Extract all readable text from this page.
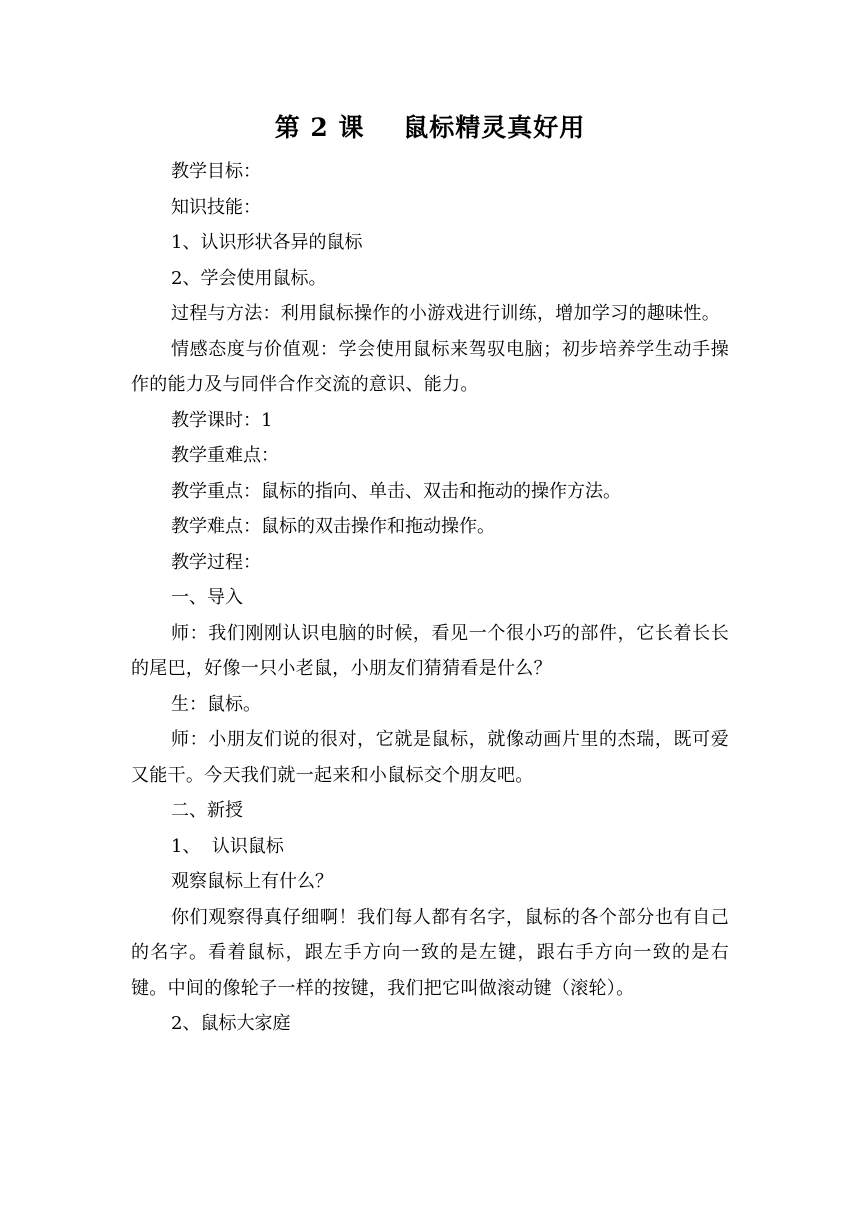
第 2 课    鼠标精灵真好用

教学目标：

知识技能：

1、认识形状各异的鼠标

2、学会使用鼠标。

过程与方法：利用鼠标操作的小游戏进行训练，增加学习的趣味性。

情感态度与价值观：学会使用鼠标来驾驭电脑；初步培养学生动手操作的能力及与同伴合作交流的意识、能力。

教学课时：1

教学重难点：

教学重点：鼠标的指向、单击、双击和拖动的操作方法。

教学难点：鼠标的双击操作和拖动操作。

教学过程：

一、导入

师：我们刚刚认识电脑的时候，看见一个很小巧的部件，它长着长长的尾巴，好像一只小老鼠，小朋友们猜猜看是什么？

生：鼠标。

师：小朋友们说的很对，它就是鼠标，就像动画片里的杰瑞，既可爱又能干。今天我们就一起来和小鼠标交个朋友吧。

二、新授

1、  认识鼠标

观察鼠标上有什么？

你们观察得真仔细啊！我们每人都有名字，鼠标的各个部分也有自己的名字。看着鼠标，跟左手方向一致的是左键，跟右手方向一致的是右键。中间的像轮子一样的按键，我们把它叫做滚动键（滚轮）。

2、鼠标大家庭
